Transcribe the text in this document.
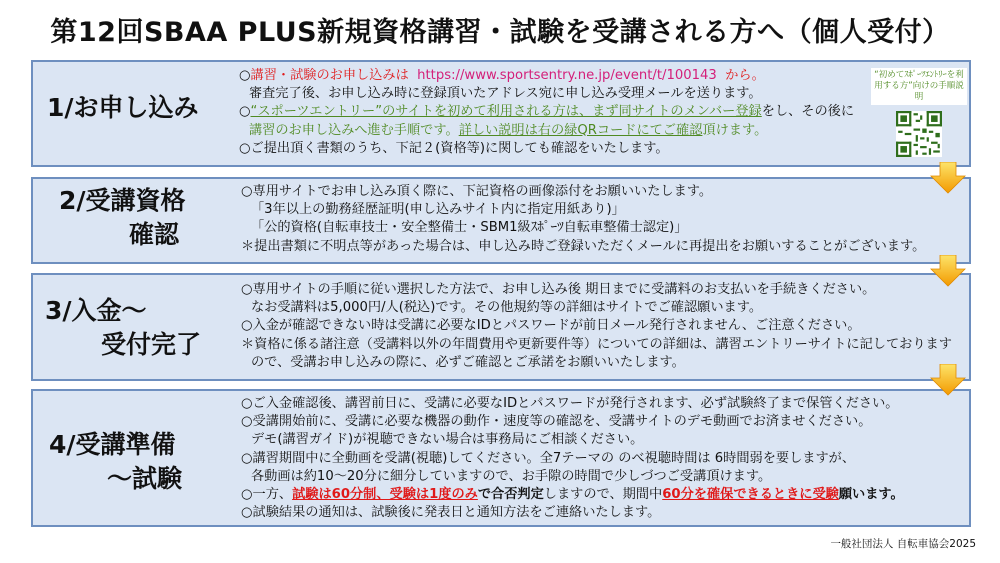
第12回SBAA PLUS新規資格講習・試験を受講される方へ（個人受付）
1/お申し込み
○講習・試験のお申し込みは https://www.sportsentry.ne.jp/event/t/100143 から。
審査完了後、お申し込み時に登録頂いたアドレス宛に申し込み受理メールを送ります。
○“スポーツエントリー”のサイトを初めて利用される方は、まず同サイトのメンバー登録をし、その後に
講習のお申し込みへ進む手順です。詳しい説明は右の緑QRコードにてご確認頂けます。
○ご提出頂く書類のうち、下記２(資格等)に関しても確認をいたします。
“初めてｽﾎﾟｰﾂｴﾝﾄﾘｰを利用する方”向けの手順説明
2/受講資格
確認
○専用サイトでお申し込み頂く際に、下記資格の画像添付をお願いいたします。
「3年以上の勤務経歴証明(申し込みサイト内に指定用紙あり)」
「公的資格(自転車技士・安全整備士・SBM1級ｽﾎﾟｰﾂ自転車整備士認定)」
＊提出書類に不明点等があった場合は、申し込み時ご登録いただくメールに再提出をお願いすることがございます。
3/入金～
受付完了
○専用サイトの手順に従い選択した方法で、お申し込み後 期日までに受講料のお支払いを手続きください。
なお受講料は5,000円/人(税込)です。その他規約等の詳細はサイトでご確認願います。
○入金が確認できない時は受講に必要なIDとパスワードが前日メール発行されません、ご注意ください。
＊資格に係る諸注意（受講料以外の年間費用や更新要件等）についての詳細は、講習エントリーサイトに記しております
ので、受講お申し込みの際に、必ずご確認とご承諾をお願いいたします。
4/受講準備
～試験
○ご入金確認後、講習前日に、受講に必要なIDとパスワードが発行されます、必ず試験終了まで保管ください。
○受講開始前に、受講に必要な機器の動作・速度等の確認を、受講サイトのデモ動画でお済ませください。
デモ(講習ガイド)が視聴できない場合は事務局にご相談ください。
○講習期間中に全動画を受講(視聴)してください。全7テーマの のべ視聴時間は 6時間弱を要しますが、
各動画は約10～20分に細分していますので、お手隙の時間で少しづつご受講頂けます。
○一方、試験は60分制、受験は1度のみで合否判定しますので、期間中60分を確保できるときに受験願います。
○試験結果の通知は、試験後に発表日と通知方法をご連絡いたします。
一般社団法人 自転車協会2025
